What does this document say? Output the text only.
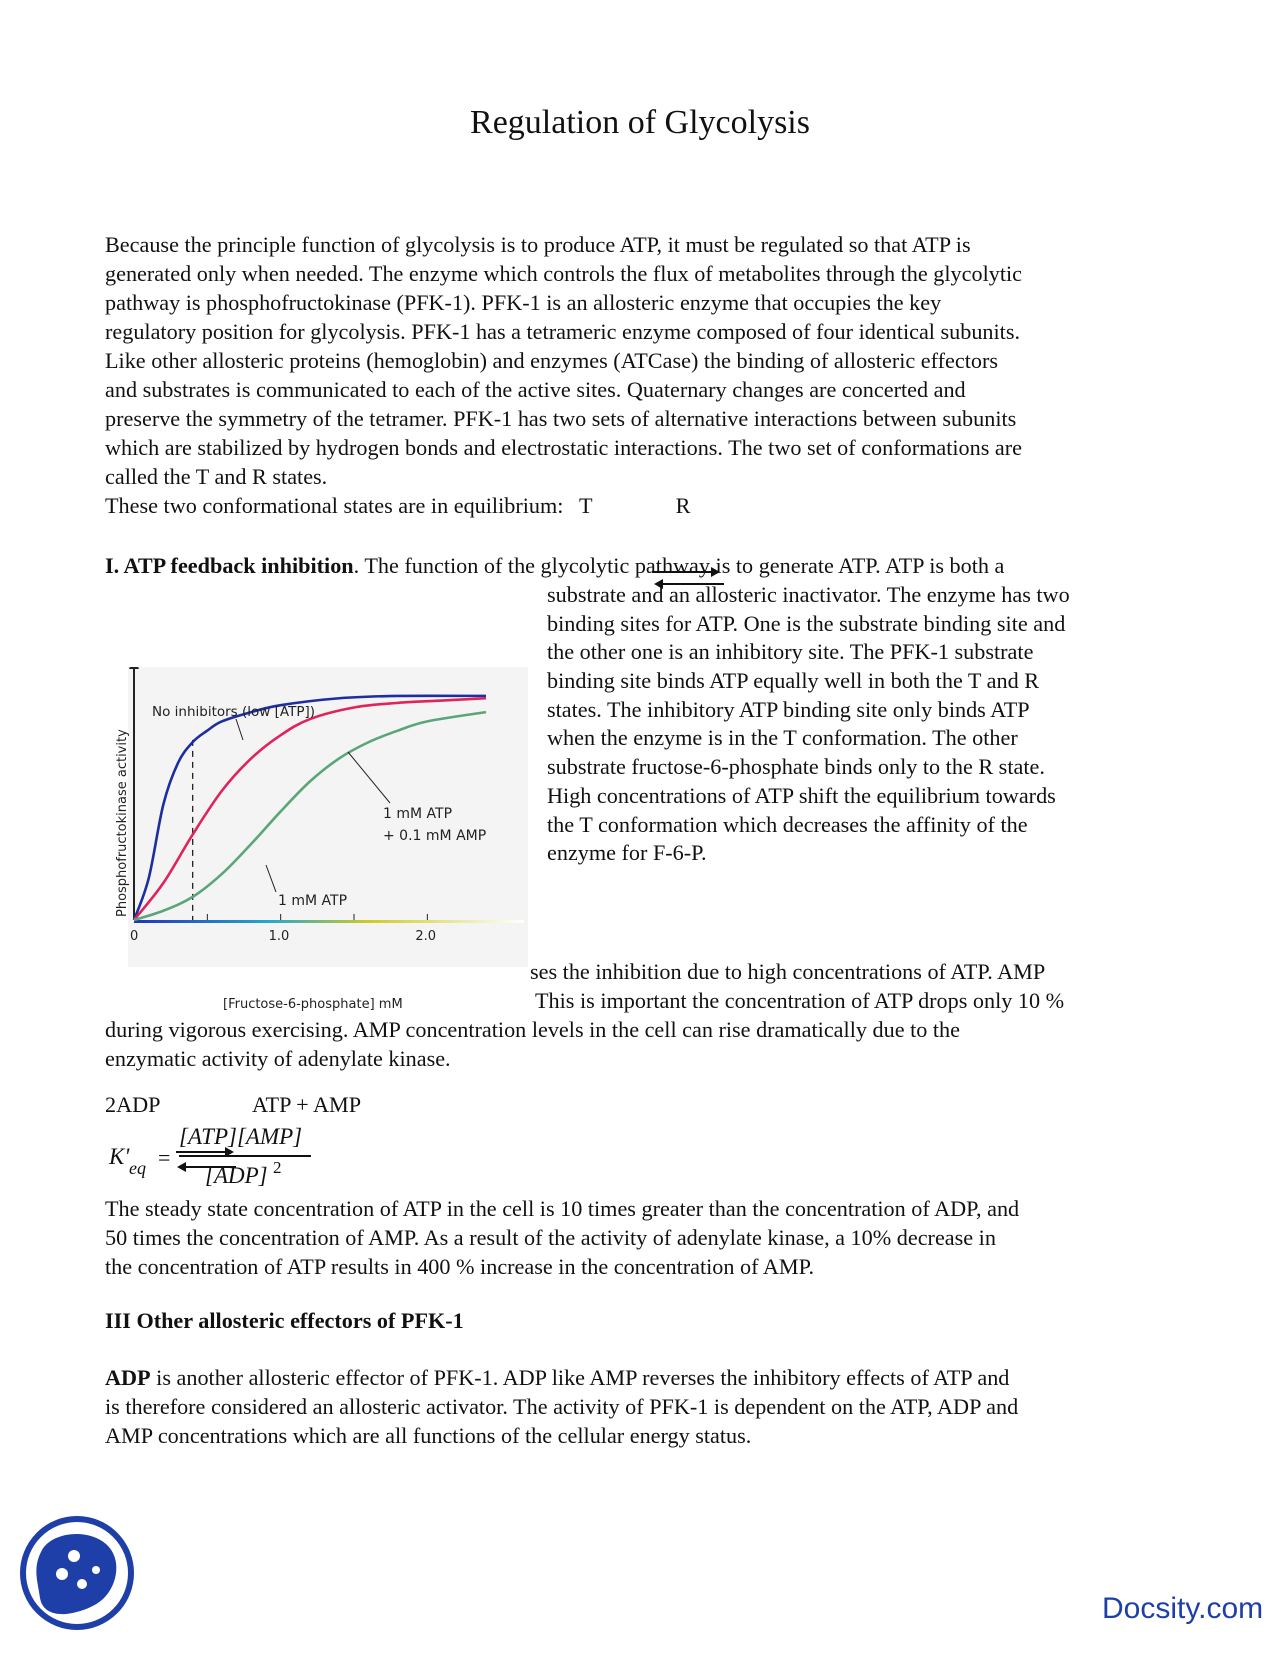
Regulation of Glycolysis
Because the principle function of glycolysis is to produce ATP, it must be regulated so that ATP is
generated only when needed. The enzyme which controls the flux of metabolites through the glycolytic
pathway is phosphofructokinase (PFK-1). PFK-1 is an allosteric enzyme that occupies the key
regulatory position for glycolysis. PFK-1 has a tetrameric enzyme composed of four identical subunits.
Like other allosteric proteins (hemoglobin) and enzymes (ATCase) the binding of allosteric effectors
and substrates is communicated to each of the active sites. Quaternary changes are concerted and
preserve the symmetry of the tetramer. PFK-1 has two sets of alternative interactions between subunits
which are stabilized by hydrogen bonds and electrostatic interactions. The two set of conformations are
called the T and R states.
These two conformational states are in equilibrium: T	R
I. ATP feedback inhibition. The function of the glycolytic pathway is to generate ATP. ATP is both a
substrate and an allosteric inactivator. The enzyme has two
binding sites for ATP. One is the substrate binding site and
the other one is an inhibitory site. The PFK-1 substrate
binding site binds ATP equally well in both the T and R
states. The inhibitory ATP binding site only binds ATP
when the enzyme is in the T conformation. The other
substrate fructose-6-phosphate binds only to the R state.
High concentrations of ATP shift the equilibrium towards
the T conformation which decreases the affinity of the
enzyme for F-6-P.
ses the inhibition due to high concentrations of ATP. AMP
This is important the concentration of ATP drops only 10 %
during vigorous exercising. AMP concentration levels in the cell can rise dramatically due to the
enzymatic activity of adenylate kinase.
0	1.0	2.0
Phosphofructokinase activity
[Fructose-6-phosphate] mM
No inhibitors (low [ATP])
1 mM ATP
+ 0.1 mM AMP
1 mM ATP
2ADP	ATP + AMP
K' eq =
[ATP][AMP]
[ADP] 2
The steady state concentration of ATP in the cell is 10 times greater than the concentration of ADP, and
50 times the concentration of AMP. As a result of the activity of adenylate kinase, a 10% decrease in
the concentration of ATP results in 400 % increase in the concentration of AMP.
III Other allosteric effectors of PFK-1
ADP is another allosteric effector of PFK-1. ADP like AMP reverses the inhibitory effects of ATP and
is therefore considered an allosteric activator. The activity of PFK-1 is dependent on the ATP, ADP and
AMP concentrations which are all functions of the cellular energy status.
Docsity.com
